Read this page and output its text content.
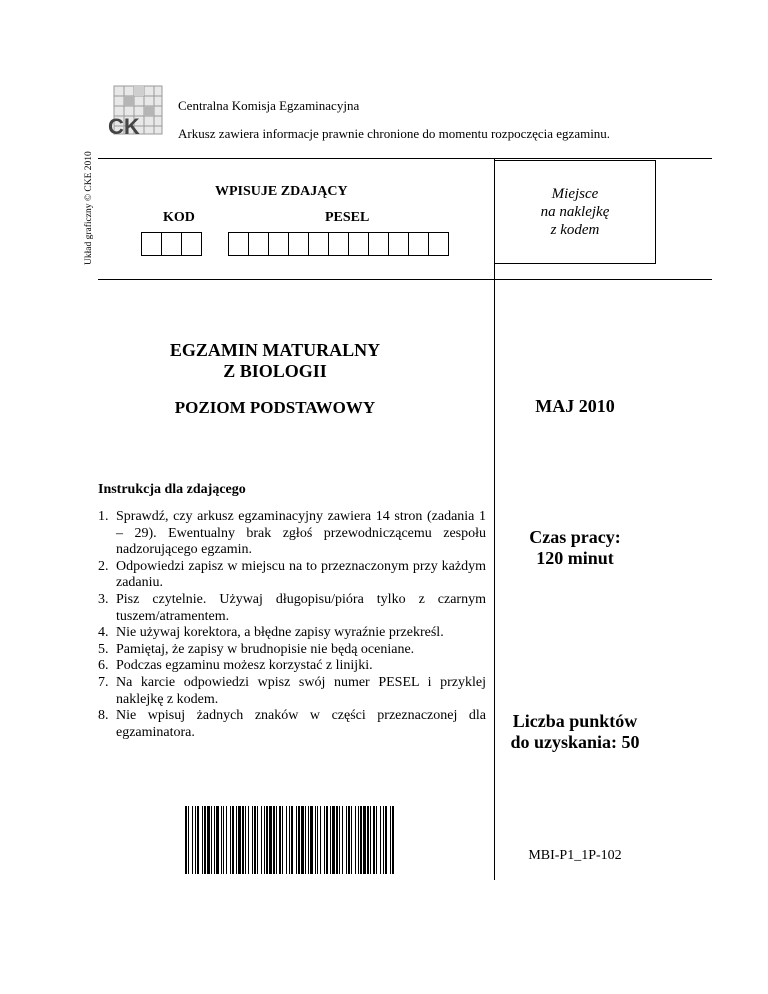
Układ graficzny © CKE 2010
CK
Centralna Komisja Egzaminacyjna
Arkusz zawiera informacje prawnie chronione do momentu rozpoczęcia egzaminu.
WPISUJE ZDAJĄCY
KOD	PESEL
Miejsce
na naklejkę
z kodem
EGZAMIN MATURALNY
Z BIOLOGII
POZIOM PODSTAWOWY	MAJ 2010
Instrukcja dla zdającego
1. Sprawdź, czy arkusz egzaminacyjny zawiera 14 stron (zadania 1 – 29). Ewentualny brak zgłoś przewodniczącemu zespołu nadzorującego egzamin.
2. Odpowiedzi zapisz w miejscu na to przeznaczonym przy każdym zadaniu.
3. Pisz czytelnie. Używaj długopisu/pióra tylko z czarnym tuszem/atramentem.
4. Nie używaj korektora, a błędne zapisy wyraźnie przekreśl.
5. Pamiętaj, że zapisy w brudnopisie nie będą oceniane.
6. Podczas egzaminu możesz korzystać z linijki.
7. Na karcie odpowiedzi wpisz swój numer PESEL i przyklej naklejkę z kodem.
8. Nie wpisuj żadnych znaków w części przeznaczonej dla egzaminatora.
Czas pracy:
120 minut
Liczba punktów
do uzyskania: 50
MBI-P1_1P-102
